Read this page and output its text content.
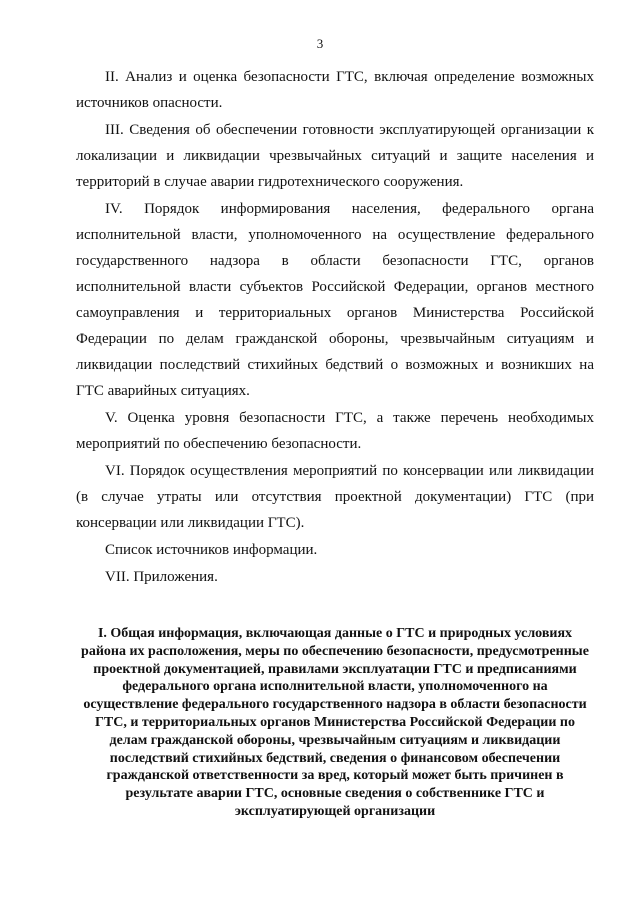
3

II. Анализ и оценка безопасности ГТС, включая определение возможных источников опасности.

III. Сведения об обеспечении готовности эксплуатирующей организации к локализации и ликвидации чрезвычайных ситуаций и защите населения и территорий в случае аварии гидротехнического сооружения.

IV. Порядок информирования населения, федерального органа исполнительной власти, уполномоченного на осуществление федерального государственного надзора в области безопасности ГТС, органов исполнительной власти субъектов Российской Федерации, органов местного самоуправления и территориальных органов Министерства Российской Федерации по делам гражданской обороны, чрезвычайным ситуациям и ликвидации последствий стихийных бедствий о возможных и возникших на ГТС аварийных ситуациях.

V. Оценка уровня безопасности ГТС, а также перечень необходимых мероприятий по обеспечению безопасности.

VI. Порядок осуществления мероприятий по консервации или ликвидации (в случае утраты или отсутствия проектной документации) ГТС (при консервации или ликвидации ГТС).

Список источников информации.

VII. Приложения.

I. Общая информация, включающая данные о ГТС и природных условиях района их расположения, меры по обеспечению безопасности, предусмотренные проектной документацией, правилами эксплуатации ГТС и предписаниями федерального органа исполнительной власти, уполномоченного на осуществление федерального государственного надзора в области безопасности ГТС, и территориальных органов Министерства Российской Федерации по делам гражданской обороны, чрезвычайным ситуациям и ликвидации последствий стихийных бедствий, сведения о финансовом обеспечении гражданской ответственности за вред, который может быть причинен в результате аварии ГТС, основные сведения о собственнике ГТС и эксплуатирующей организации
